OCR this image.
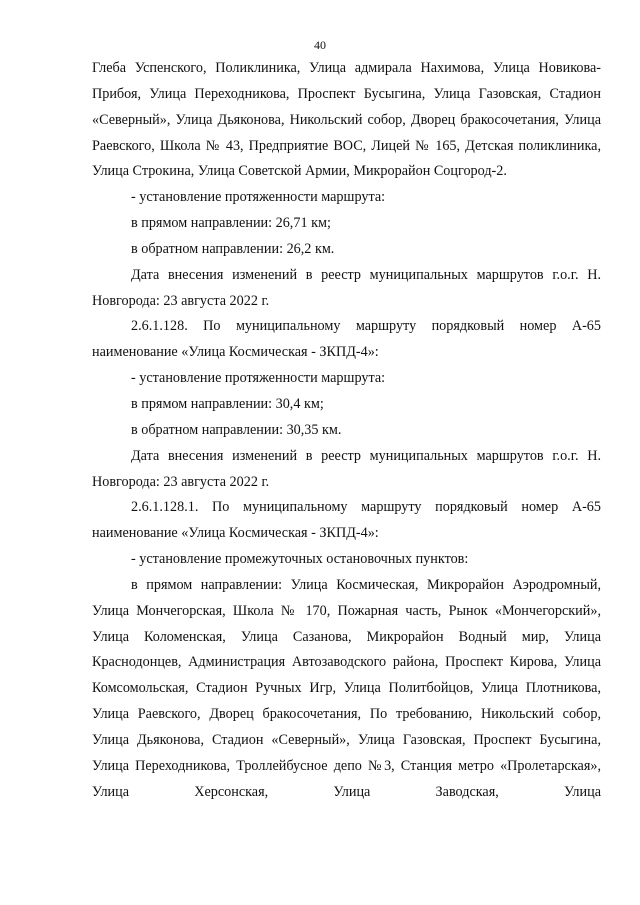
40

Глеба Успенского, Поликлиника, Улица адмирала Нахимова, Улица Новикова-Прибоя, Улица Переходникова, Проспект Бусыгина, Улица Газовская, Стадион «Северный», Улица Дьяконова, Никольский собор, Дворец бракосочетания, Улица Раевского, Школа № 43, Предприятие ВОС, Лицей № 165, Детская поликлиника, Улица Строкина, Улица Советской Армии, Микрорайон Соцгород-2.

- установление протяженности маршрута:

в прямом направлении: 26,71 км;

в обратном направлении: 26,2 км.

Дата внесения изменений в реестр муниципальных маршрутов г.о.г. Н. Новгорода: 23 августа 2022 г.

2.6.1.128. По муниципальному маршруту порядковый номер А-65 наименование «Улица Космическая - ЗКПД-4»:

- установление протяженности маршрута:

в прямом направлении: 30,4 км;

в обратном направлении: 30,35 км.

Дата внесения изменений в реестр муниципальных маршрутов г.о.г. Н. Новгорода: 23 августа 2022 г.

2.6.1.128.1. По муниципальному маршруту порядковый номер А-65 наименование «Улица Космическая - ЗКПД-4»:

- установление промежуточных остановочных пунктов:

в прямом направлении: Улица Космическая, Микрорайон Аэродромный, Улица Мончегорская, Школа № 170, Пожарная часть, Рынок «Мончегорский», Улица Коломенская, Улица Сазанова, Микрорайон Водный мир, Улица Краснодонцев, Администрация Автозаводского района, Проспект Кирова, Улица Комсомольская, Стадион Ручных Игр, Улица Политбойцов, Улица Плотникова, Улица Раевского, Дворец бракосочетания, По требованию, Никольский собор, Улица Дьяконова, Стадион «Северный», Улица Газовская, Проспект Бусыгина, Улица Переходникова, Троллейбусное депо №3, Станция метро «Пролетарская», Улица Херсонская, Улица Заводская, Улица
